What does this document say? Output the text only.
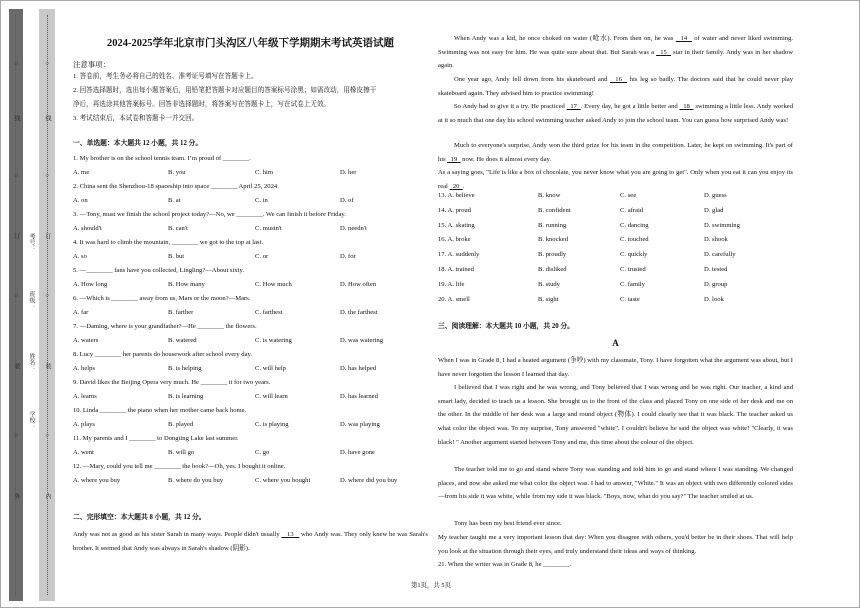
外
○
装
○
订
○
线
○
内
○
装
○
订
○
线
○
学校：
姓名：
班级：
考号：
2024-2025学年北京市门头沟区八年级下学期期末考试英语试题
注意事项：
1. 答卷前，考生务必将自己的姓名、准考证号填写在答题卡上。
2. 回答选择题时，选出每小题答案后，用铅笔把答题卡对应题目的答案标号涂黑；如需改动，用橡皮擦干
净后，再选涂其他答案标号。回答非选择题时，将答案写在答题卡上，写在试卷上无效。
3. 考试结束后，本试卷和答题卡一并交回。
一、单选题：本大题共 12 小题，共 12 分。
1. My brother is on the school tennis team. I’m proud of ________.
A. me	B. you	C. him	D. her
2. China sent the Shenzhou-18 spaceship into space ________ April 25, 2024.
A. on	B. at	C. in	D. of
3. —Tony, must we finish the school project today?—No, we ________. We can finish it before Friday.
A. should't	B. can't	C. mustn't	D. needn't
4. It was hard to climb the mountain, ________ we got to the top at last.
A. so	B. but	C. or	D. for
5. —________ fans have you collected, Lingling?—About sixty.
A. How long	B. How many	C. How much	D. How often
6. —Which is ________ away from us, Mars or the moon?—Mars.
A. far	B. farther	C. farthest	D. the farthest
7. —Daming, where is your grandfather?—He ________ the flowers.
A. waters	B. watered	C. is watering	D. was watering
8. Lucy ________ her parents do housework after school every day.
A. helps	B. is helping	C. will help	D. has helped
9. David likes the Beijing Opera very much. He ________ it for two years.
A. learns	B. is learning	C. will learn	D. has learned
10. Linda ________ the piano when her mother came back home.
A. plays	B. played	C. is playing	D. was playing
11. My parents and I ________ to Dongting Lake last summer.
A. went	B. will go	C. go	D. have gone
12. —Mary, could you tell me ________ the book?—Oh, yes. I bought it online.
A. where you buy	B. where do you buy	C. where you bought	D. where did you buy
二、完形填空：本大题共 8 小题，共 12 分。
Andy was not as good as his sister Sarah in many ways. People didn't usually    13    who Andy was. They only knew he was Sarah's brother. It seemed that Andy was always in Sarah's shadow (阴影).
When Andy was a kid, he once choked on water (呛水). From then on, he was   14   of water and never liked swimming. Swimming was not easy for him. He was quite sure about that. But Sarah was a   15   star in their family. Andy was in her shadow again.
One year ago, Andy fell down from his skateboard and   16   his leg so badly. The doctors said that he could never play skateboard again. They advised him to practice swimming!
So Andy had to give it a try. He practiced   17 . Every day, he got a little better and   18   swimming a little less. Andy worked at it so much that one day his school swimming teacher asked Andy to join the school team. You can guess how surprised Andy was!
Much to everyone's surprise, Andy won the third prize for his team in the competition. Later, he kept on swimming. It's part of his   19   now. He does it almost every day.
As a saying goes, "Life is like a box of chocolate, you never know what you are going to get". Only when you eat it can you enjoy its real   20 .
13. A. believe	B. know	C. see	D. guess
14. A. proud	B. confident	C. afraid	D. glad
15. A. skating	B. running	C. dancing	D. swimming
16. A. broke	B. knocked	C. touched	D. shook
17. A. suddenly	B. proudly	C. quickly	D. carefully
18. A. trained	B. disliked	C. trusted	D. tested
19. A. life	B. study	C. family	D. group
20. A. smell	B. sight	C. taste	D. look
三、阅读理解：本大题共 10 小题，共 20 分。
A
When I was in Grade 8, I had a heated argument (争吵) with my classmate, Tony. I have forgotten what the argument was about, but I have never forgotten the lesson I learned that day.
I believed that I was right and he was wrong, and Tony believed that I was wrong and he was right. Our teacher, a kind and smart lady, decided to teach us a lesson. She brought us to the front of the class and placed Tony on one side of her desk and me on the other. In the middle of her desk was a large and round object (物体). I could clearly see that it was black. The teacher asked us what color the object was. To my surprise, Tony answered "white". I couldn't believe he said the object was white! "Clearly, it was black! " Another argument started between Tony and me, this time about the colour of the object.
The teacher told me to go and stand where Tony was standing and told him to go and stand where I was standing. We changed places, and now she asked me what color the object was. I had to answer, "White." It was an object with two differently colored sides—from his side it was white, while from my side it was black. "Boys, now, what do you say?" The teacher smiled at us.
Tony has been my best friend ever since.
My teacher taught me a very important lesson that day: When you disagree with others, you'd better be in their shoes. That will help you look at the situation through their eyes, and truly understand their ideas and ways of thinking.
21. When the writer was in Grade 8, he ________.
第1页，共 5页
